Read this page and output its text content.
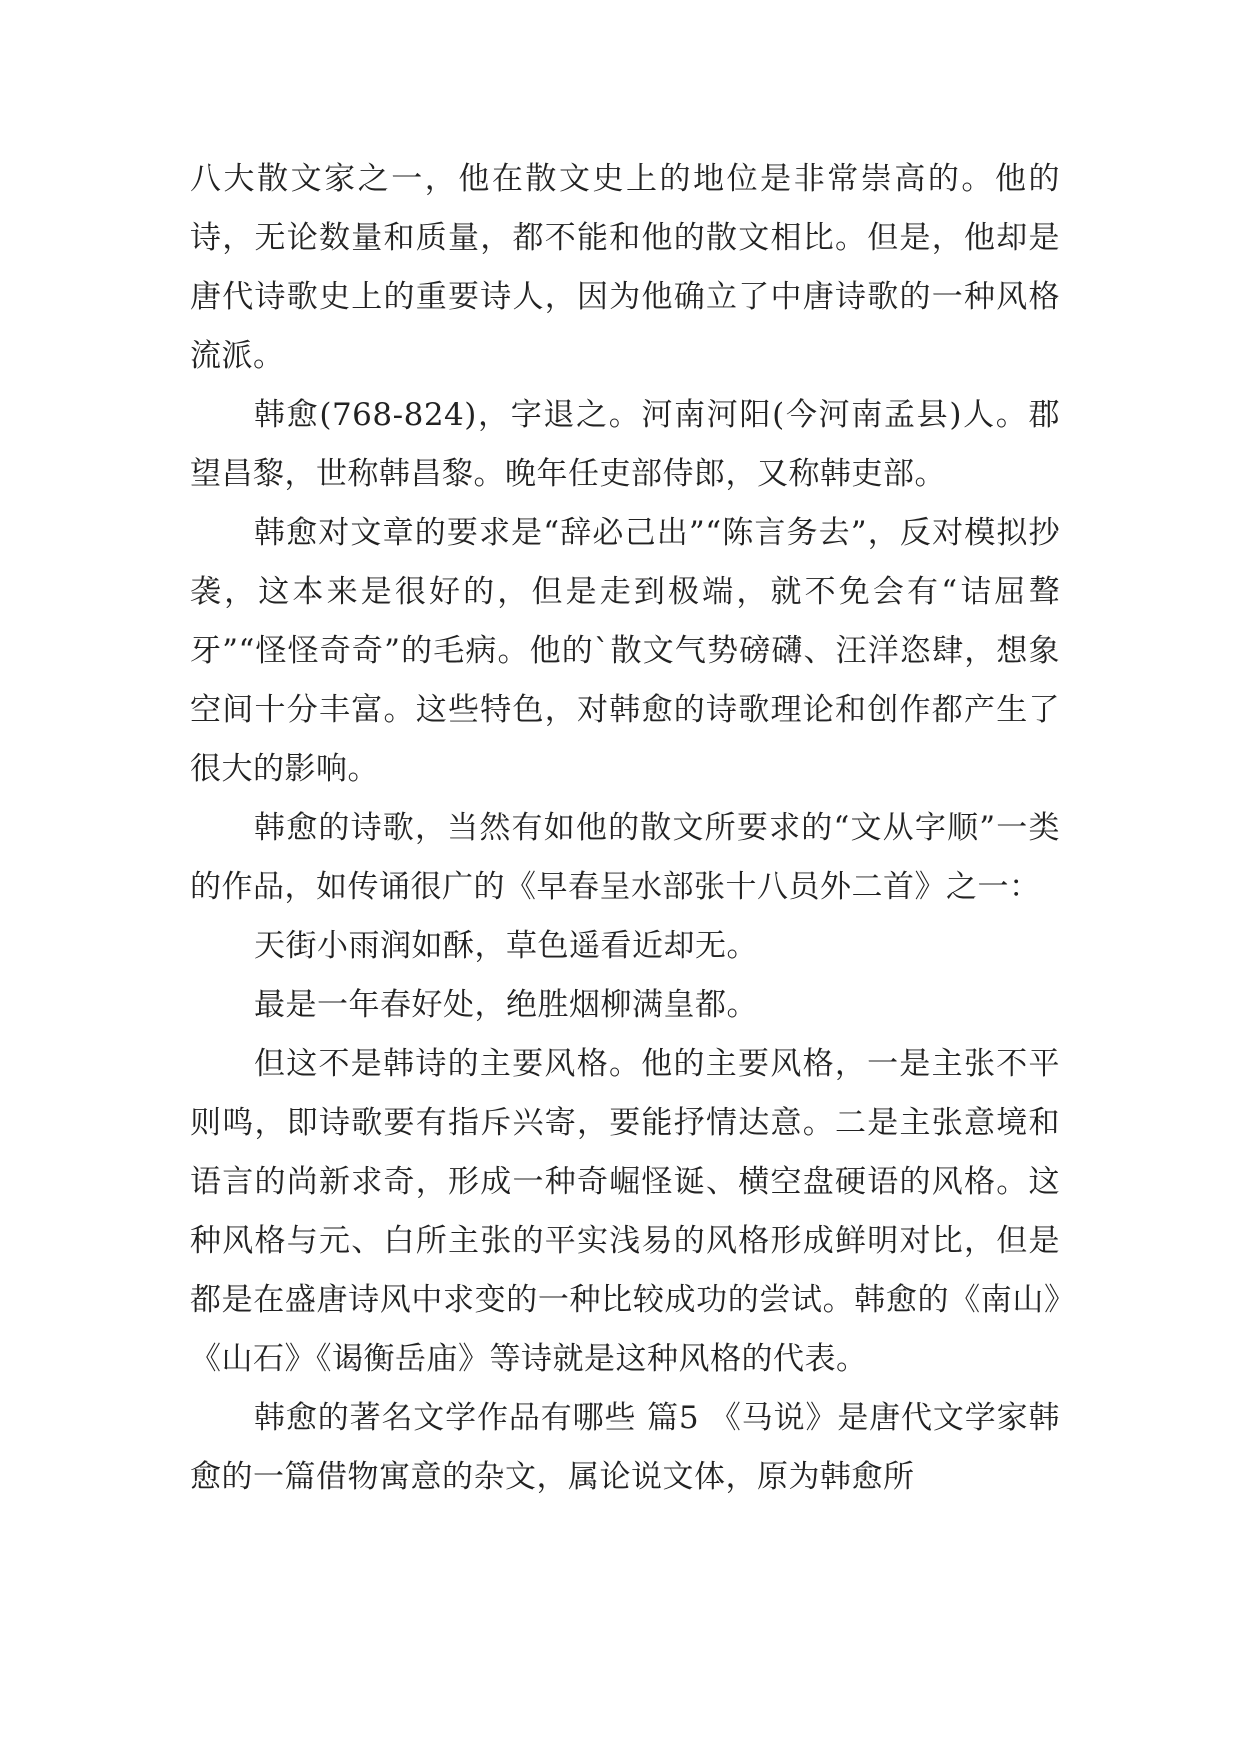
八大散文家之一，他在散文史上的地位是非常崇高的。他的诗，无论数量和质量，都不能和他的散文相比。但是，他却是唐代诗歌史上的重要诗人，因为他确立了中唐诗歌的一种风格流派。

韩愈(768-824)，字退之。河南河阳(今河南孟县)人。郡望昌黎，世称韩昌黎。晚年任吏部侍郎，又称韩吏部。

韩愈对文章的要求是“辞必己出”“陈言务去”，反对模拟抄袭，这本来是很好的，但是走到极端，就不免会有“诘屈聱牙”“怪怪奇奇”的毛病。他的`散文气势磅礴、汪洋恣肆，想象空间十分丰富。这些特色，对韩愈的诗歌理论和创作都产生了很大的影响。

韩愈的诗歌，当然有如他的散文所要求的“文从字顺”一类的作品，如传诵很广的《早春呈水部张十八员外二首》之一：

天街小雨润如酥，草色遥看近却无。

最是一年春好处，绝胜烟柳满皇都。

但这不是韩诗的主要风格。他的主要风格，一是主张不平则鸣，即诗歌要有指斥兴寄，要能抒情达意。二是主张意境和语言的尚新求奇，形成一种奇崛怪诞、横空盘硬语的风格。这种风格与元、白所主张的平实浅易的风格形成鲜明对比，但是都是在盛唐诗风中求变的一种比较成功的尝试。韩愈的《南山》《山石》《谒衡岳庙》等诗就是这种风格的代表。

韩愈的著名文学作品有哪些 篇5 《马说》是唐代文学家韩愈的一篇借物寓意的杂文，属论说文体，原为韩愈所
